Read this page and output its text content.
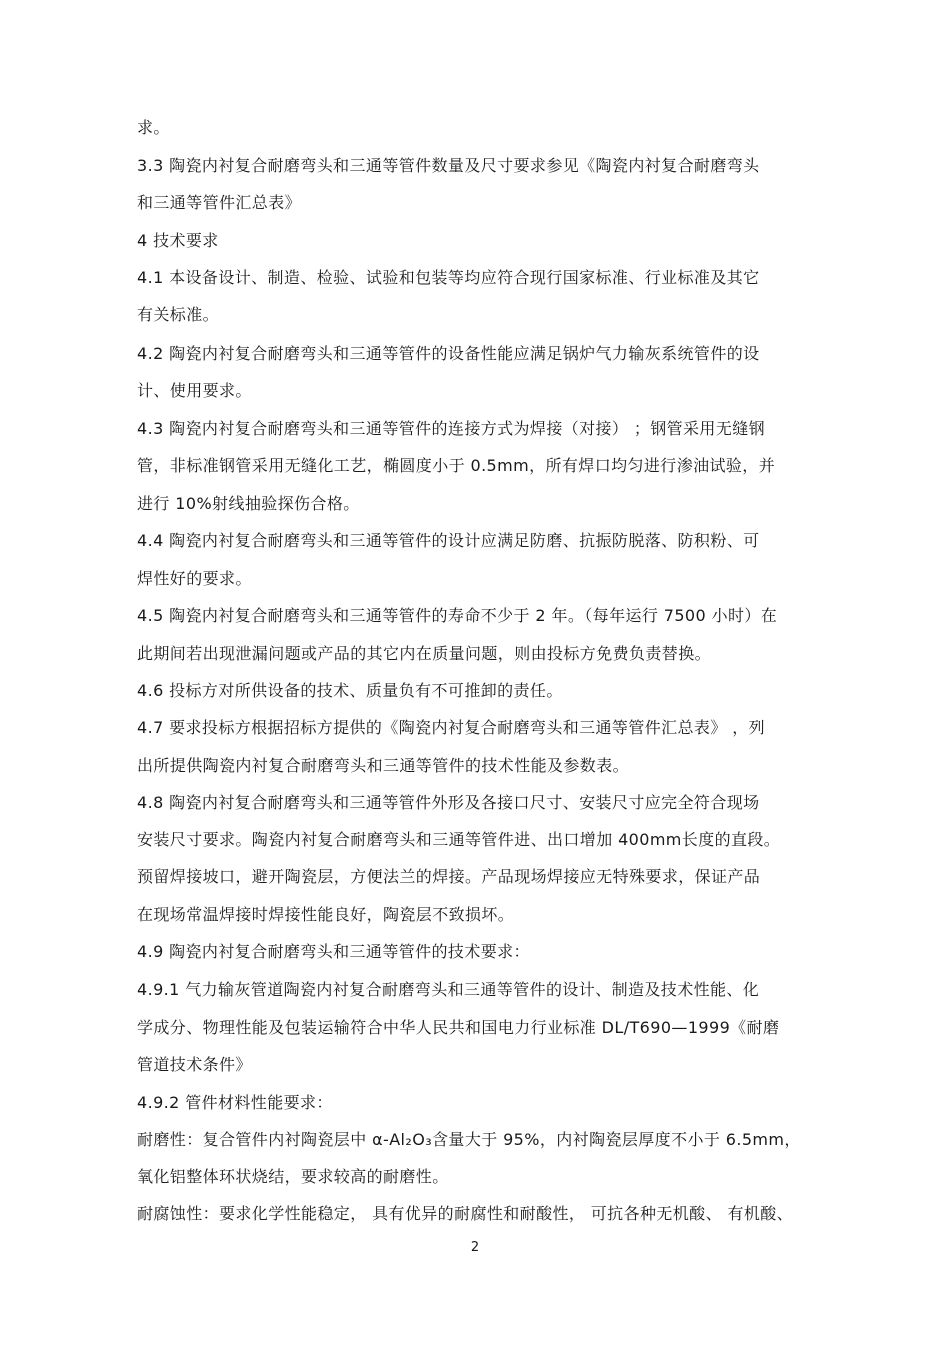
求。
3.3 陶瓷内衬复合耐磨弯头和三通等管件数量及尺寸要求参见《陶瓷内衬复合耐磨弯头
和三通等管件汇总表》
4 技术要求
4.1 本设备设计、制造、检验、试验和包装等均应符合现行国家标准、行业标准及其它
有关标准。
4.2 陶瓷内衬复合耐磨弯头和三通等管件的设备性能应满足锅炉气力输灰系统管件的设
计、使用要求。
4.3 陶瓷内衬复合耐磨弯头和三通等管件的连接方式为焊接（对接） ；钢管采用无缝钢
管，非标准钢管采用无缝化工艺，椭圆度小于 0.5mm，所有焊口均匀进行渗油试验，并
进行 10%射线抽验探伤合格。
4.4 陶瓷内衬复合耐磨弯头和三通等管件的设计应满足防磨、抗振防脱落、防积粉、可
焊性好的要求。
4.5 陶瓷内衬复合耐磨弯头和三通等管件的寿命不少于 2 年。（每年运行 7500 小时）在
此期间若出现泄漏问题或产品的其它内在质量问题，则由投标方免费负责替换。
4.6 投标方对所供设备的技术、质量负有不可推卸的责任。
4.7 要求投标方根据招标方提供的《陶瓷内衬复合耐磨弯头和三通等管件汇总表》 ，列
出所提供陶瓷内衬复合耐磨弯头和三通等管件的技术性能及参数表。
4.8 陶瓷内衬复合耐磨弯头和三通等管件外形及各接口尺寸、安装尺寸应完全符合现场
安装尺寸要求。陶瓷内衬复合耐磨弯头和三通等管件进、出口增加 400mm长度的直段。
预留焊接坡口，避开陶瓷层，方便法兰的焊接。产品现场焊接应无特殊要求，保证产品
在现场常温焊接时焊接性能良好，陶瓷层不致损坏。
4.9 陶瓷内衬复合耐磨弯头和三通等管件的技术要求：
4.9.1 气力输灰管道陶瓷内衬复合耐磨弯头和三通等管件的设计、制造及技术性能、化
学成分、物理性能及包装运输符合中华人民共和国电力行业标准 DL/T690—1999《耐磨
管道技术条件》
4.9.2 管件材料性能要求：
耐磨性：复合管件内衬陶瓷层中 α-Al₂O₃含量大于 95%，内衬陶瓷层厚度不小于 6.5mm，
氧化铝整体环状烧结，要求较高的耐磨性。
耐腐蚀性：要求化学性能稳定， 具有优异的耐腐性和耐酸性， 可抗各种无机酸、 有机酸、
2
